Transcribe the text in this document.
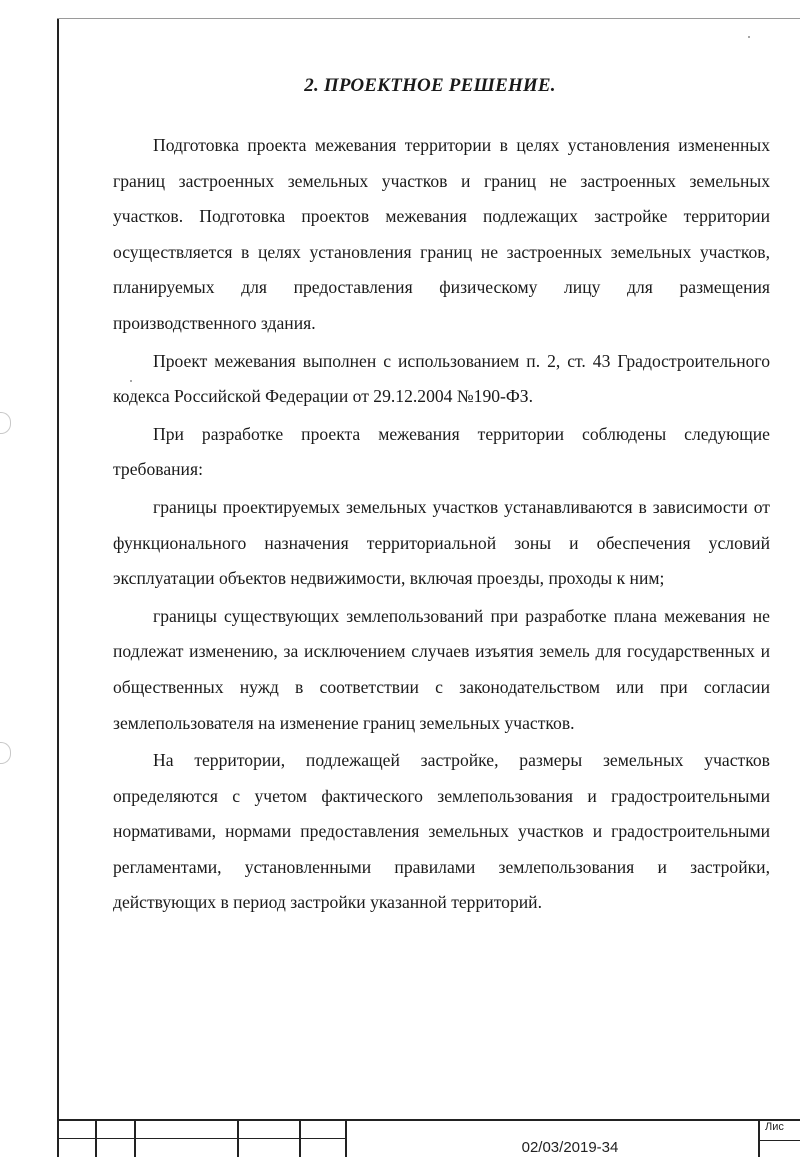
2. ПРОЕКТНОЕ РЕШЕНИЕ.

Подготовка проекта межевания территории в целях установления измененных границ застроенных земельных участков и границ не застроенных земельных участков. Подготовка проектов межевания подлежащих застройке территории осуществляется в целях установления границ не застроенных земельных участков, планируемых для предоставления физическому лицу для размещения производственного здания.

Проект межевания выполнен с использованием п. 2, ст. 43 Градостроительного кодекса Российской Федерации от 29.12.2004 №190-ФЗ.

При разработке проекта межевания территории соблюдены следующие требования:

границы проектируемых земельных участков устанавливаются в зависимости от функционального назначения территориальной зоны и обеспечения условий эксплуатации объектов недвижимости, включая проезды, проходы к ним;

границы существующих землепользований при разработке плана межевания не подлежат изменению, за исключением случаев изъятия земель для государственных и общественных нужд в соответствии с законодательством или при согласии землепользователя на изменение границ земельных участков.

На территории, подлежащей застройке, размеры земельных участков определяются с учетом фактического землепользования и градостроительными нормативами, нормами предоставления земельных участков и градостроительными регламентами, установленными правилами землепользования и застройки, действующих в период застройки указанной территорий.

Лис
02/03/2019-34
